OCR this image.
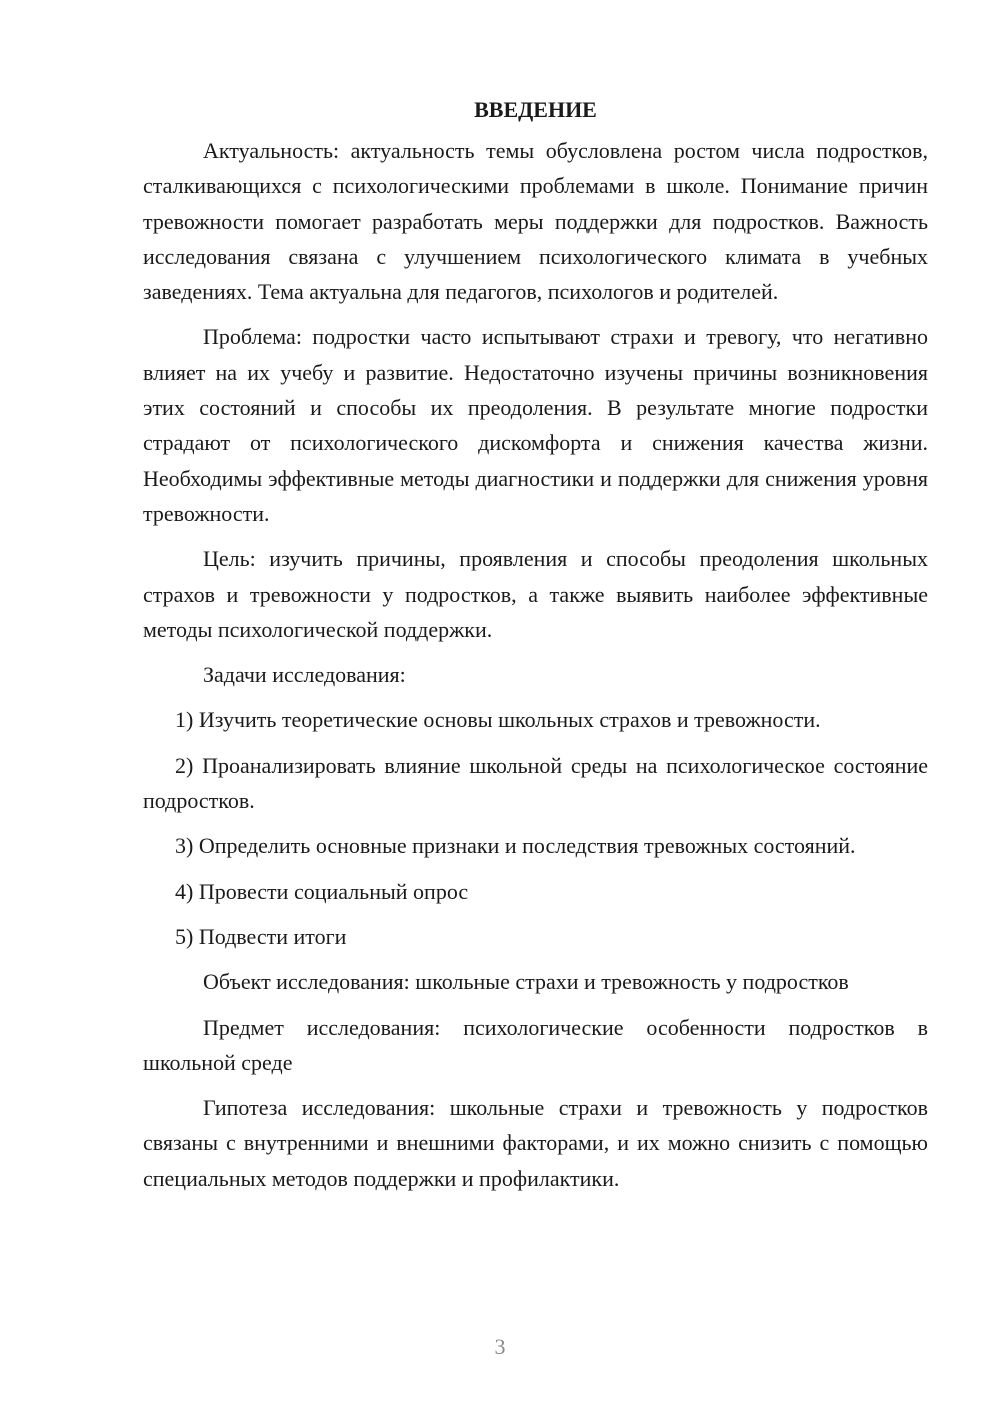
ВВЕДЕНИЕ

Актуальность: актуальность темы обусловлена ростом числа подростков, сталкивающихся с психологическими проблемами в школе. Понимание причин тревожности помогает разработать меры поддержки для подростков. Важность исследования связана с улучшением психологического климата в учебных заведениях. Тема актуальна для педагогов, психологов и родителей.

Проблема: подростки часто испытывают страхи и тревогу, что негативно влияет на их учебу и развитие. Недостаточно изучены причины возникновения этих состояний и способы их преодоления. В результате многие подростки страдают от психологического дискомфорта и снижения качества жизни. Необходимы эффективные методы диагностики и поддержки для снижения уровня тревожности.

Цель: изучить причины, проявления и способы преодоления школьных страхов и тревожности у подростков, а также выявить наиболее эффективные методы психологической поддержки.

Задачи исследования:

1) Изучить теоретические основы школьных страхов и тревожности.

2) Проанализировать влияние школьной среды на психологическое состояние подростков.

3) Определить основные признаки и последствия тревожных состояний.

4) Провести социальный опрос

5) Подвести итоги

Объект исследования: школьные страхи и тревожность у подростков

Предмет исследования: психологические особенности подростков в школьной среде

Гипотеза исследования: школьные страхи и тревожность у подростков связаны с внутренними и внешними факторами, и их можно снизить с помощью специальных методов поддержки и профилактики.

3
